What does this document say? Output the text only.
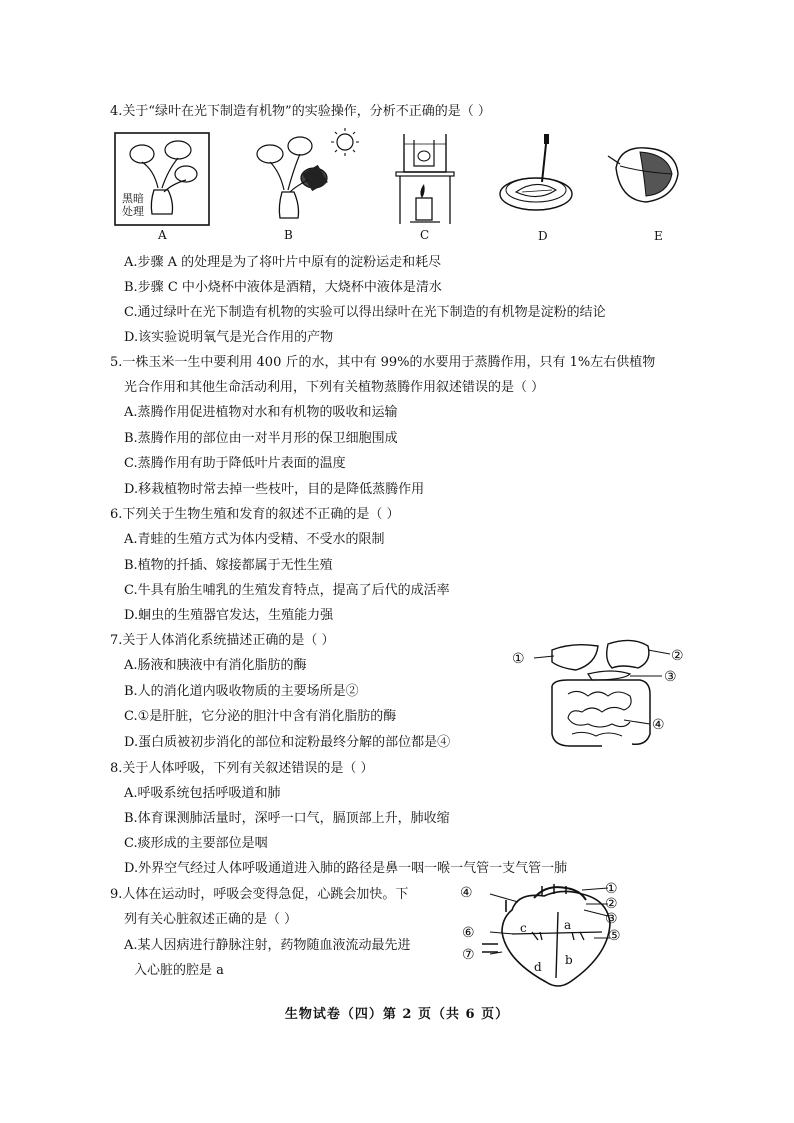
4.关于“绿叶在光下制造有机物”的实验操作，分析不正确的是（ ）
黑暗
处理
A	B	C	D	E
A.步骤 A 的处理是为了将叶片中原有的淀粉运走和耗尽
B.步骤 C 中小烧杯中液体是酒精，大烧杯中液体是清水
C.通过绿叶在光下制造有机物的实验可以得出绿叶在光下制造的有机物是淀粉的结论
D.该实验说明氧气是光合作用的产物
5.一株玉米一生中要利用 400 斤的水，其中有 99%的水要用于蒸腾作用，只有 1%左右供植物
光合作用和其他生命活动利用，下列有关植物蒸腾作用叙述错误的是（ ）
A.蒸腾作用促进植物对水和有机物的吸收和运输
B.蒸腾作用的部位由一对半月形的保卫细胞围成
C.蒸腾作用有助于降低叶片表面的温度
D.移栽植物时常去掉一些枝叶，目的是降低蒸腾作用
6.下列关于生物生殖和发育的叙述不正确的是（ ）
A.青蛙的生殖方式为体内受精、不受水的限制
B.植物的扦插、嫁接都属于无性生殖
C.牛具有胎生哺乳的生殖发育特点，提高了后代的成活率
D.蛔虫的生殖器官发达，生殖能力强
7.关于人体消化系统描述正确的是（ ）
A.肠液和胰液中有消化脂肪的酶
B.人的消化道内吸收物质的主要场所是②
C.①是肝脏，它分泌的胆汁中含有消化脂肪的酶
D.蛋白质被初步消化的部位和淀粉最终分解的部位都是④
①	②
③
④
8.关于人体呼吸，下列有关叙述错误的是（ ）
A.呼吸系统包括呼吸道和肺
B.体育课测肺活量时，深呼一口气，膈顶部上升，肺收缩
C.痰形成的主要部位是咽
D.外界空气经过人体呼吸通道进入肺的路径是鼻一咽一喉一气管一支气管一肺
9.人体在运动时，呼吸会变得急促，心跳会加快。下
列有关心脏叙述正确的是（ ）
A.某人因病进行静脉注射，药物随血液流动最先进
入心脏的腔是 a
①
②
③
④
⑤
⑥
⑦
a
b
c
d
生物试卷（四）第 2 页（共 6 页）
